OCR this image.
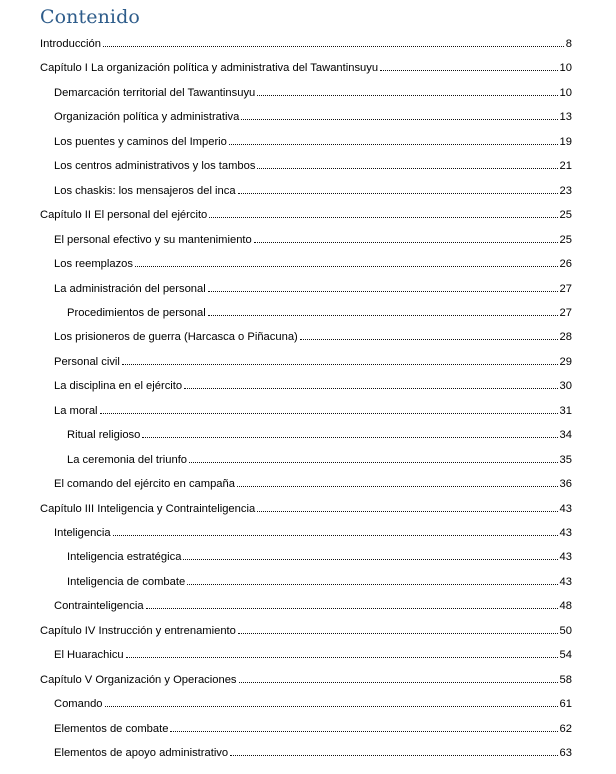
Contenido
Introducción	8
Capítulo I La organización política y administrativa del Tawantinsuyu	10
Demarcación territorial del Tawantinsuyu	10
Organización política y administrativa	13
Los puentes y caminos del Imperio	19
Los centros administrativos y los tambos	21
Los chaskis: los mensajeros del inca	23
Capítulo II El personal del ejército	25
El personal efectivo y su mantenimiento	25
Los reemplazos	26
La administración del personal	27
Procedimientos de personal	27
Los prisioneros de guerra (Harcasca o Piñacuna)	28
Personal civil	29
La disciplina en el ejército	30
La moral	31
Ritual religioso	34
La ceremonia del triunfo	35
El comando del ejército en campaña	36
Capítulo III Inteligencia y Contrainteligencia	43
Inteligencia	43
Inteligencia estratégica	43
Inteligencia de combate	43
Contrainteligencia	48
Capítulo IV Instrucción y entrenamiento	50
El Huarachicu	54
Capítulo V Organización y Operaciones	58
Comando	61
Elementos de combate	62
Elementos de apoyo administrativo	63
